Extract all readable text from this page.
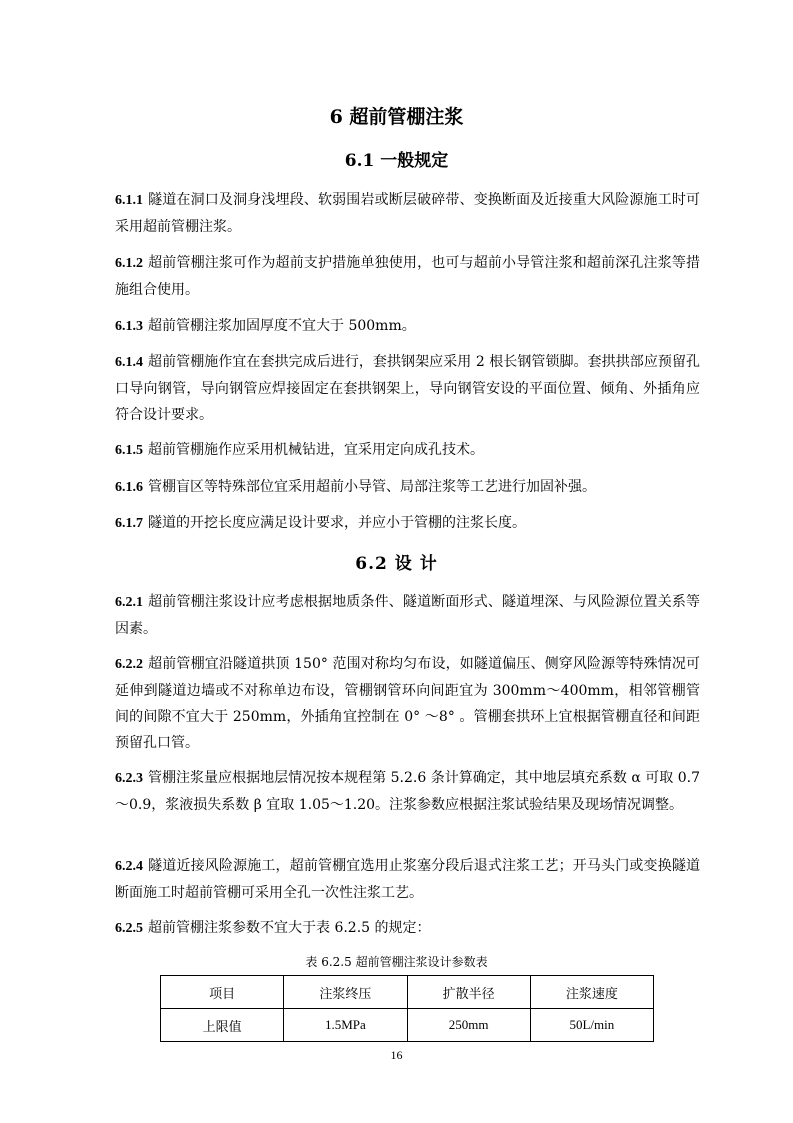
6 超前管棚注浆
6.1 一般规定
6.1.1 隧道在洞口及洞身浅埋段、软弱围岩或断层破碎带、变换断面及近接重大风险源施工时可采用超前管棚注浆。
6.1.2 超前管棚注浆可作为超前支护措施单独使用，也可与超前小导管注浆和超前深孔注浆等措施组合使用。
6.1.3 超前管棚注浆加固厚度不宜大于 500mm。
6.1.4 超前管棚施作宜在套拱完成后进行，套拱钢架应采用 2 根长钢管锁脚。套拱拱部应预留孔口导向钢管，导向钢管应焊接固定在套拱钢架上，导向钢管安设的平面位置、倾角、外插角应符合设计要求。
6.1.5 超前管棚施作应采用机械钻进，宜采用定向成孔技术。
6.1.6 管棚盲区等特殊部位宜采用超前小导管、局部注浆等工艺进行加固补强。
6.1.7 隧道的开挖长度应满足设计要求，并应小于管棚的注浆长度。
6.2 设 计
6.2.1 超前管棚注浆设计应考虑根据地质条件、隧道断面形式、隧道埋深、与风险源位置关系等因素。
6.2.2 超前管棚宜沿隧道拱顶 150° 范围对称均匀布设，如隧道偏压、侧穿风险源等特殊情况可延伸到隧道边墙或不对称单边布设，管棚钢管环向间距宜为 300mm～400mm，相邻管棚管间的间隙不宜大于 250mm，外插角宜控制在 0° ～8° 。管棚套拱环上宜根据管棚直径和间距预留孔口管。
6.2.3 管棚注浆量应根据地层情况按本规程第 5.2.6 条计算确定，其中地层填充系数 α 可取 0.7～0.9，浆液损失系数 β 宜取 1.05～1.20。注浆参数应根据注浆试验结果及现场情况调整。
6.2.4 隧道近接风险源施工，超前管棚宜选用止浆塞分段后退式注浆工艺；开马头门或变换隧道断面施工时超前管棚可采用全孔一次性注浆工艺。
6.2.5 超前管棚注浆参数不宜大于表 6.2.5 的规定：
表 6.2.5 超前管棚注浆设计参数表
项目	注浆终压	扩散半径	注浆速度
上限值	1.5MPa	250mm	50L/min
16
